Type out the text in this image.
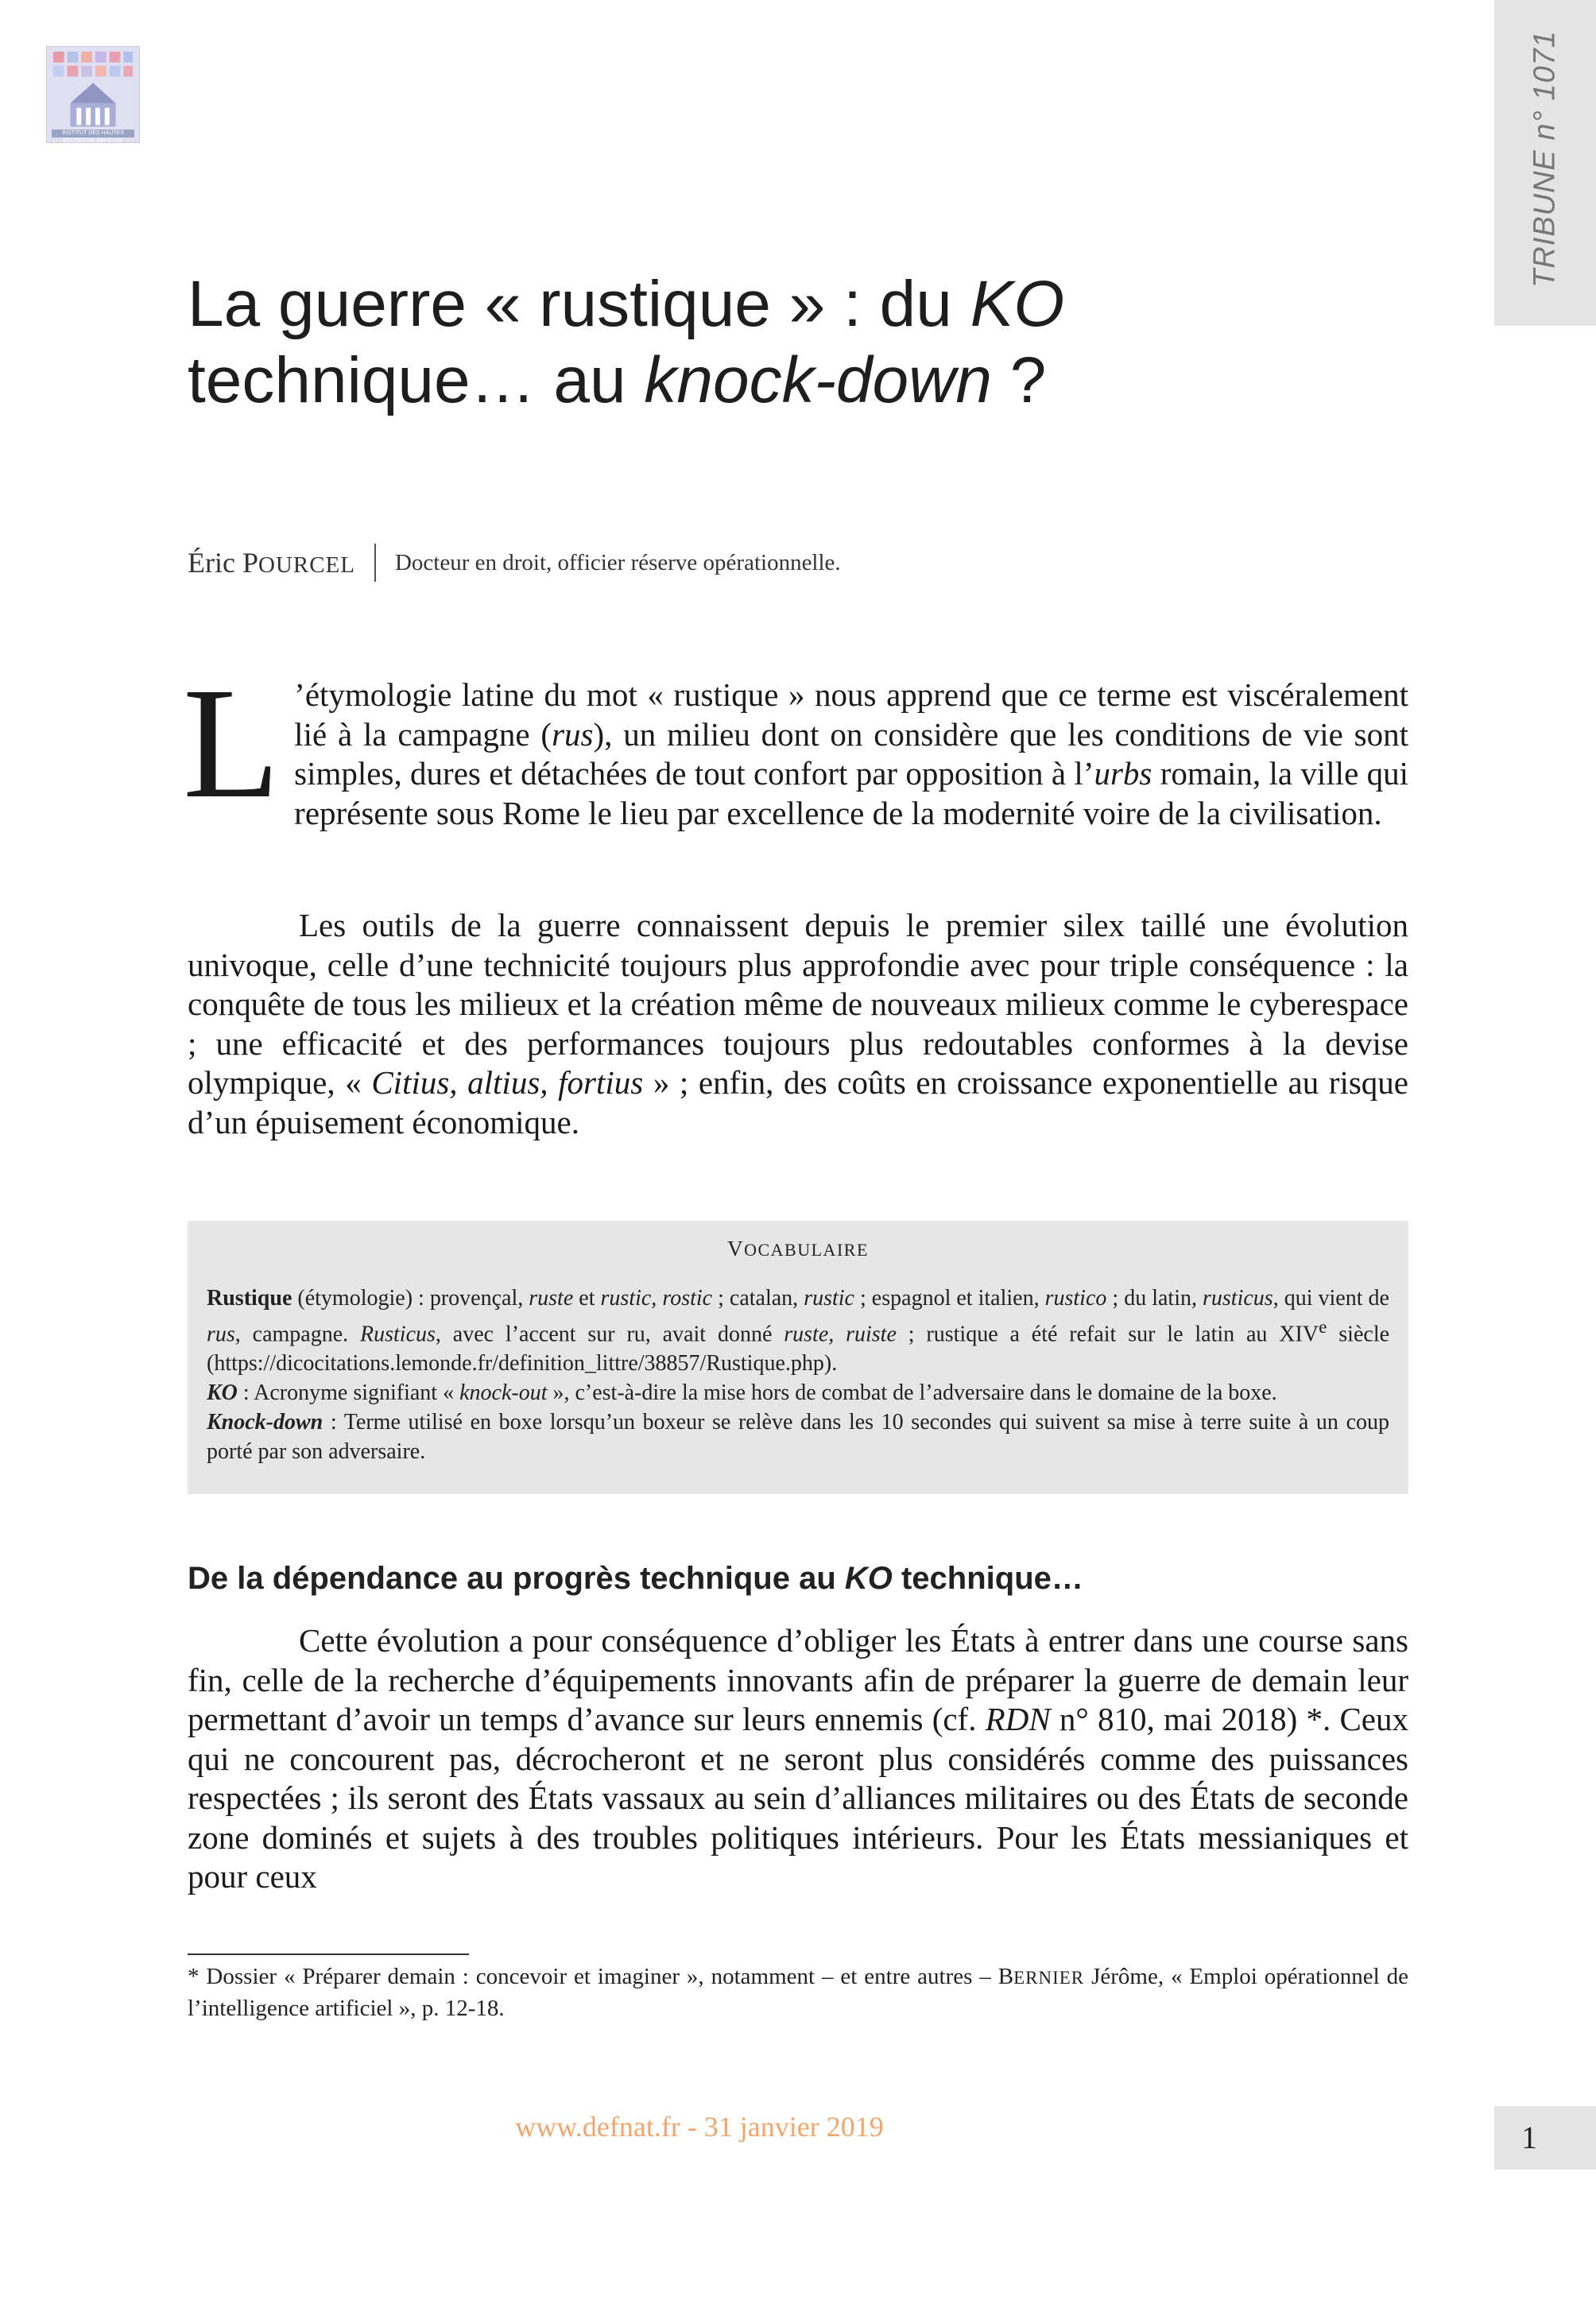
INSTITUT DES HAUTES ETUDES DE DEFENSE NATIONALE	TRIBUNE n° 1071
La guerre « rustique » : du KO technique… au knock-down ?
Éric POURCEL Docteur en droit, officier réserve opérationnelle.

L ’étymologie latine du mot « rustique » nous apprend que ce terme est viscéralement lié à la campagne (rus), un milieu dont on considère que les conditions de vie sont simples, dures et détachées de tout confort par opposition à l’urbs romain, la ville qui représente sous Rome le lieu par excellence de la modernité voire de la civilisation.

Les outils de la guerre connaissent depuis le premier silex taillé une évolution univoque, celle d’une technicité toujours plus approfondie avec pour triple conséquence : la conquête de tous les milieux et la création même de nouveaux milieux comme le cyberespace ; une efficacité et des performances toujours plus redoutables conformes à la devise olympique, « Citius, altius, fortius » ; enfin, des coûts en croissance exponentielle au risque d’un épuisement économique.

VOCABULAIRE

Rustique (étymologie) : provençal, ruste et rustic, rostic ; catalan, rustic ; espagnol et italien, rustico ; du latin, rusticus, qui vient de rus, campagne. Rusticus, avec l’accent sur ru, avait donné ruste, ruiste ; rustique a été refait sur le latin au XIVe siècle (https://dicocitations.lemonde.fr/definition_littre/38857/Rustique.php).

KO : Acronyme signifiant « knock-out », c’est-à-dire la mise hors de combat de l’adversaire dans le domaine de la boxe.

Knock-down : Terme utilisé en boxe lorsqu’un boxeur se relève dans les 10 secondes qui suivent sa mise à terre suite à un coup porté par son adversaire.

De la dépendance au progrès technique au KO technique…

Cette évolution a pour conséquence d’obliger les États à entrer dans une course sans fin, celle de la recherche d’équipements innovants afin de préparer la guerre de demain leur permettant d’avoir un temps d’avance sur leurs ennemis (cf. RDN n° 810, mai 2018) *. Ceux qui ne concourent pas, décrocheront et ne seront plus considérés comme des puissances respectées ; ils seront des États vassaux au sein d’alliances militaires ou des États de seconde zone dominés et sujets à des troubles politiques intérieurs. Pour les États messianiques et pour ceux

* Dossier « Préparer demain : concevoir et imaginer », notamment – et entre autres – BERNIER Jérôme, « Emploi opérationnel de l’intelligence artificiel », p. 12-18.

www.defnat.fr - 31 janvier 2019	1
